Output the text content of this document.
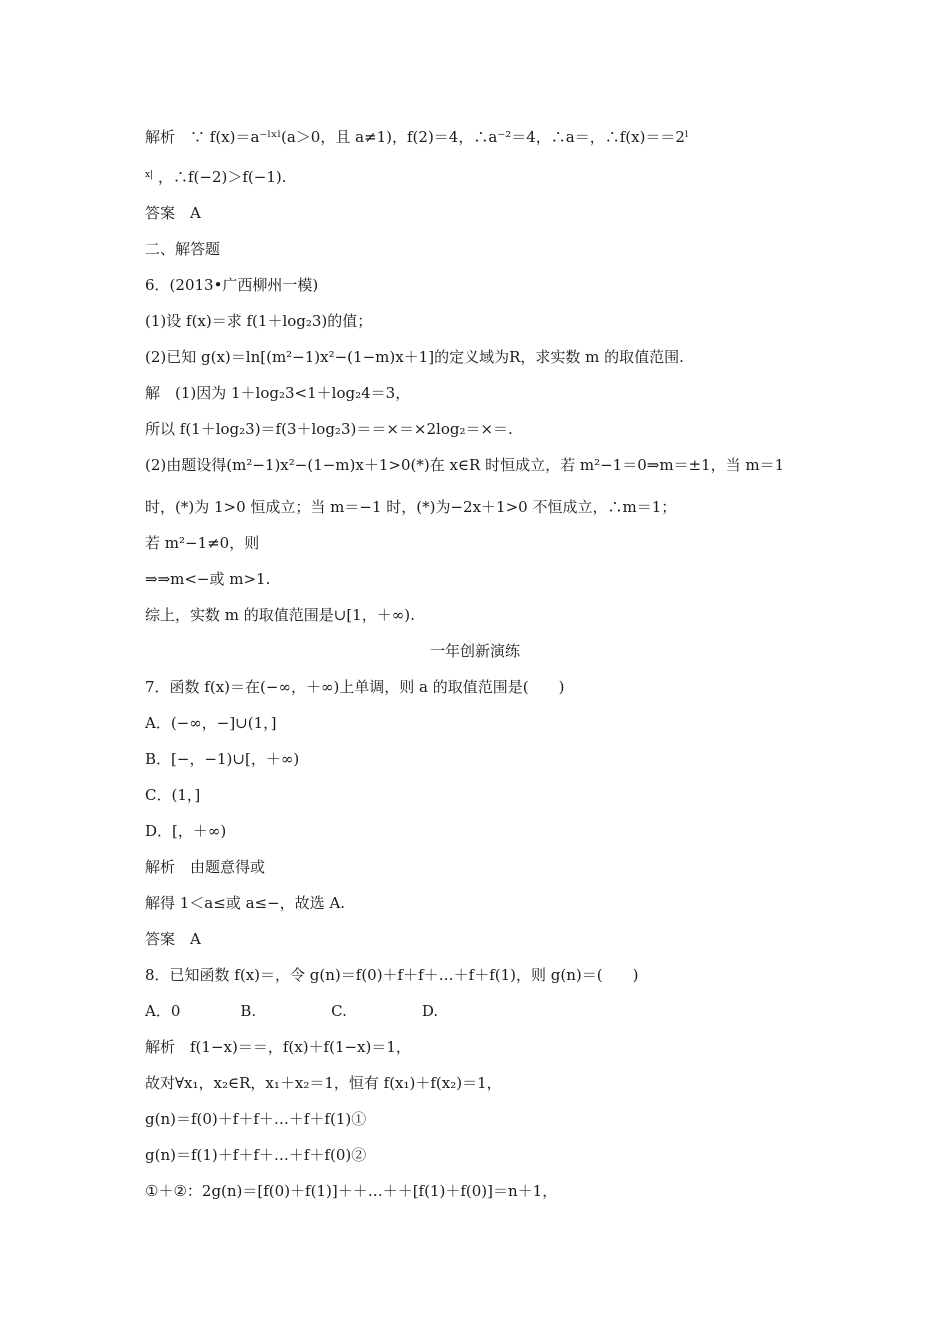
解析　∵ f(x)＝a⁻ˡˣˡ(a＞0，且 a≠1)，f(2)＝4，∴a⁻²＝4，∴a＝，∴f(x)＝＝2ˡ
x| ，∴f(−2)＞f(−1).
答案　A
二、解答题
6．(2013•广西柳州一模)
(1)设 f(x)＝求 f(1＋log₂3)的值；
(2)已知 g(x)＝ln[(m²−1)x²−(1−m)x＋1]的定义域为R，求实数 m 的取值范围.
解　(1)因为 1＋log₂3<1＋log₂4＝3，
所以 f(1＋log₂3)＝f(3＋log₂3)＝＝×＝×2log₂＝×＝.
(2)由题设得(m²−1)x²−(1−m)x＋1>0(*)在 x∈R 时恒成立，若 m²−1＝0⇒m＝±1，当 m＝1
时，(*)为 1>0 恒成立；当 m＝−1 时，(*)为−2x＋1>0 不恒成立，∴m＝1；
若 m²−1≠0，则
⇒⇒m<−或 m>1.
综上，实数 m 的取值范围是∪[1，＋∞).
一年创新演练
7．函数 f(x)＝在(−∞，＋∞)上单调，则 a 的取值范围是(　　)
A．(−∞，−]∪(1，]
B．[−，−1)∪[，＋∞)
C．(1，]
D．[，＋∞)
解析　由题意得或
解得 1＜a≤或 a≤−，故选 A.
答案　A
8．已知函数 f(x)＝，令 g(n)＝f(0)＋f＋f＋…＋f＋f(1)，则 g(n)＝(　　)
A．0　　　　B.　　　　　C.　　　　　D.
解析　f(1−x)＝＝，f(x)＋f(1−x)＝1，
故对∀x₁，x₂∈R，x₁＋x₂＝1，恒有 f(x₁)＋f(x₂)＝1，
g(n)＝f(0)＋f＋f＋…＋f＋f(1)①
g(n)＝f(1)＋f＋f＋…＋f＋f(0)②
①＋②：2g(n)＝[f(0)＋f(1)]＋＋…＋＋[f(1)＋f(0)]＝n＋1，
